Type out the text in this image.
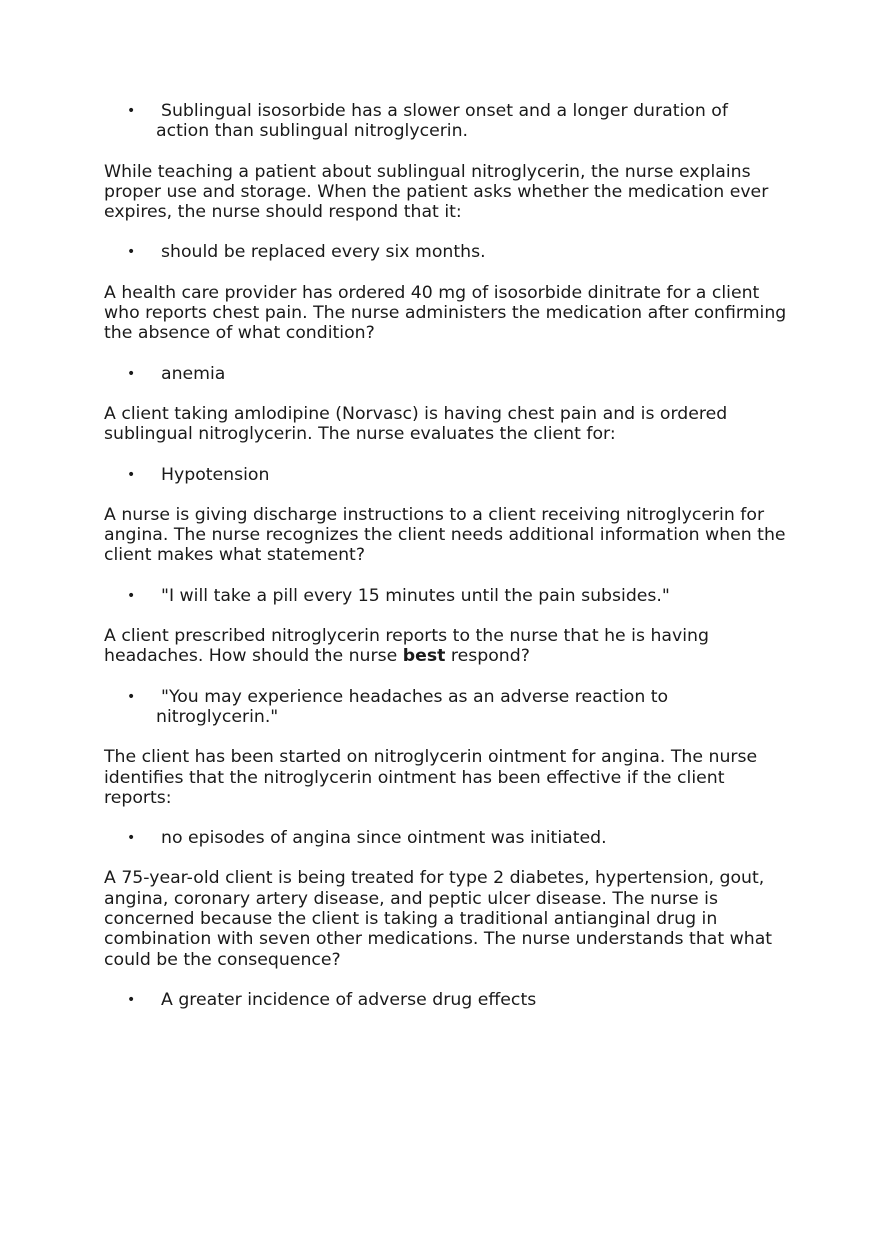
• Sublingual isosorbide has a slower onset and a longer duration of action than sublingual nitroglycerin.

While teaching a patient about sublingual nitroglycerin, the nurse explains proper use and storage. When the patient asks whether the medication ever expires, the nurse should respond that it:

• should be replaced every six months.

A health care provider has ordered 40 mg of isosorbide dinitrate for a client who reports chest pain. The nurse administers the medication after confirming the absence of what condition?

• anemia

A client taking amlodipine (Norvasc) is having chest pain and is ordered sublingual nitroglycerin. The nurse evaluates the client for:

• Hypotension

A nurse is giving discharge instructions to a client receiving nitroglycerin for angina. The nurse recognizes the client needs additional information when the client makes what statement?

• "I will take a pill every 15 minutes until the pain subsides."

A client prescribed nitroglycerin reports to the nurse that he is having headaches. How should the nurse best respond?

• "You may experience headaches as an adverse reaction to nitroglycerin."

The client has been started on nitroglycerin ointment for angina. The nurse identifies that the nitroglycerin ointment has been effective if the client reports:

• no episodes of angina since ointment was initiated.

A 75-year-old client is being treated for type 2 diabetes, hypertension, gout, angina, coronary artery disease, and peptic ulcer disease. The nurse is concerned because the client is taking a traditional antianginal drug in combination with seven other medications. The nurse understands that what could be the consequence?

• A greater incidence of adverse drug effects
